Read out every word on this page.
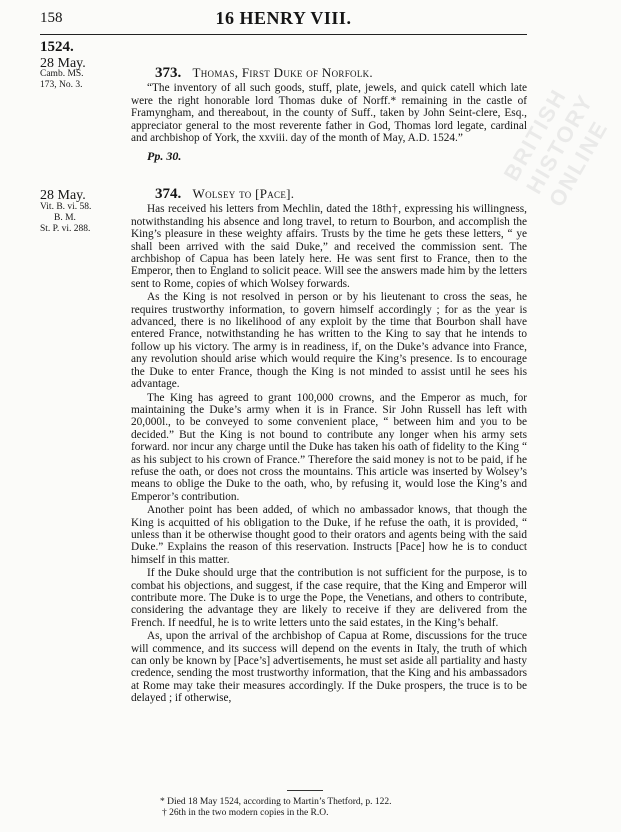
158	16 HENRY VIII.
1524.
28 May.
Camb. MS.
173, No. 3.
373. Thomas, First Duke of Norfolk.

“The inventory of all such goods, stuff, plate, jewels, and quick catell which late were the right honorable lord Thomas duke of Norff.* remaining in the castle of Framyngham, and thereabout, in the county of Suff., taken by John Seint-clere, Esq., appreciator general to the most reverente father in God, Thomas lord legate, cardinal and archbishop of York, the xxviii. day of the month of May, A.D. 1524.”

Pp. 30.
28 May.
Vit. B. vi. 58.
B. M.
St. P. vi. 288.
374. Wolsey to [Pace].

Has received his letters from Mechlin, dated the 18th†, expressing his willingness, notwithstanding his absence and long travel, to return to Bourbon, and accomplish the King’s pleasure in these weighty affairs. Trusts by the time he gets these letters, “ ye shall been arrived with the said Duke,” and received the commission sent. The archbishop of Capua has been lately here. He was sent first to France, then to the Emperor, then to England to solicit peace. Will see the answers made him by the letters sent to Rome, copies of which Wolsey forwards.

As the King is not resolved in person or by his lieutenant to cross the seas, he requires trustworthy information, to govern himself accordingly ; for as the year is advanced, there is no likelihood of any exploit by the time that Bourbon shall have entered France, notwithstanding he has written to the King to say that he intends to follow up his victory. The army is in readiness, if, on the Duke’s advance into France, any revolution should arise which would require the King’s presence. Is to encourage the Duke to enter France, though the King is not minded to assist until he sees his advantage.

The King has agreed to grant 100,000 crowns, and the Emperor as much, for maintaining the Duke’s army when it is in France. Sir John Russell has left with 20,000l., to be conveyed to some convenient place, “ between him and you to be decided.” But the King is not bound to contribute any longer when his army sets forward. nor incur any charge until the Duke has taken his oath of fidelity to the King “ as his subject to his crown of France.” Therefore the said money is not to be paid, if he refuse the oath, or does not cross the mountains. This article was inserted by Wolsey’s means to oblige the Duke to the oath, who, by refusing it, would lose the King’s and Emperor’s contribution.

Another point has been added, of which no ambassador knows, that though the King is acquitted of his obligation to the Duke, if he refuse the oath, it is provided, “ unless than it be otherwise thought good to their orators and agents being with the said Duke.” Explains the reason of this reservation. Instructs [Pace] how he is to conduct himself in this matter.

If the Duke should urge that the contribution is not sufficient for the purpose, is to combat his objections, and suggest, if the case require, that the King and Emperor will contribute more. The Duke is to urge the Pope, the Venetians, and others to contribute, considering the advantage they are likely to receive if they are delivered from the French. If needful, he is to write letters unto the said estates, in the King’s behalf.

As, upon the arrival of the archbishop of Capua at Rome, discussions for the truce will commence, and its success will depend on the events in Italy, the truth of which can only be known by [Pace’s] advertisements, he must set aside all partiality and hasty credence, sending the most trustworthy information, that the King and his ambassadors at Rome may take their measures accordingly. If the Duke prospers, the truce is to be delayed ; if otherwise,

* Died 18 May 1524, according to Martin’s Thetford, p. 122.
† 26th in the two modern copies in the R.O.
BRITISH HISTORY ONLINE
